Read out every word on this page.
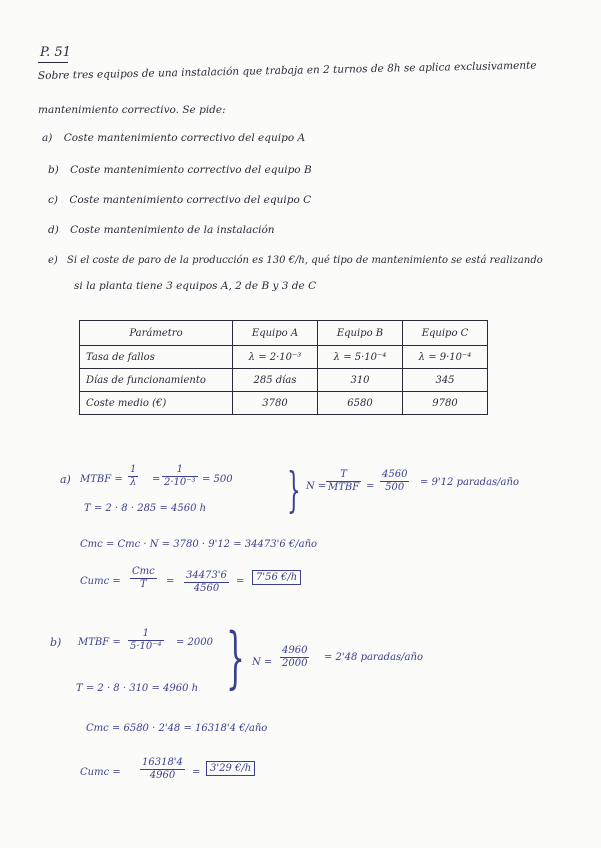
P. 51
Sobre tres equipos de una instalación que trabaja en 2 turnos de 8h se aplica exclusivamente
mantenimiento correctivo. Se pide:
a) Coste mantenimiento correctivo del equipo A
b) Coste mantenimiento correctivo del equipo B
c) Coste mantenimiento correctivo del equipo C
d) Coste mantenimiento de la instalación
e) Si el coste de paro de la producción es 130 €/h, qué tipo de mantenimiento se está realizando
si la planta tiene 3 equipos A, 2 de B y 3 de C
Parámetro	Equipo A	Equipo B	Equipo C
Tasa de fallos	λ = 2·10⁻³	λ = 5·10⁻⁴	λ = 9·10⁻⁴
Días de funcionamiento	285 días	310	345
Coste medio (€)	3780	6580	9780
a) MTBF = $\frac{1}{\lambda} = \frac{1}{\text{2·10⁻³}} = 500$
T = 2 · 8 · 285 = 4560 h } N =
T
MTBF = $\frac{4560}{500} = 9'12$ paradas/año
Cmc = Cmc · N = 3780 · 9'12 = 34473'6 €/año
Cumc =
Cmc
T	= $\frac{34473'6}{4560}$ =	7'56 €/h
b) MTBF = $\frac{1}{\text{5·10⁻⁴}} = 2000$
T = 2 · 8 · 310 = 4960 h } $N = \frac{4960}{2000} = 2'48$ paradas/año
Cmc = 6580 · 2'48 = 16318'4 €/año
Cumc = $\frac{16318'4}{4960} = 3'29$ €/h
